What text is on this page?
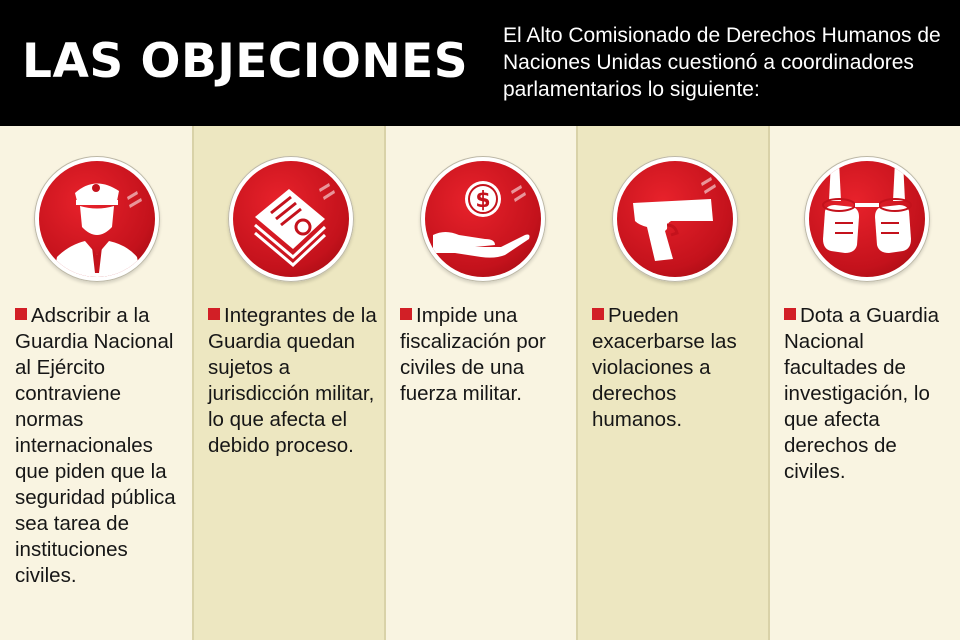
LAS OBJECIONES El Alto Comisionado de Derechos Humanos de Naciones Unidas cuestionó a coordinadores parlamentarios lo siguiente:
Adscribir a la Guardia Nacional al Ejército contraviene normas internacionales que piden que la seguridad pública sea tarea de instituciones civiles.
Integrantes de la Guardia quedan sujetos a jurisdicción militar, lo que afecta el debido proceso.
$
Impide una fiscalización por civiles de una fuerza militar.
Pueden exacerbarse las violaciones a derechos humanos.
Dota a Guardia Nacional facultades de investigación, lo que afecta derechos de civiles.
